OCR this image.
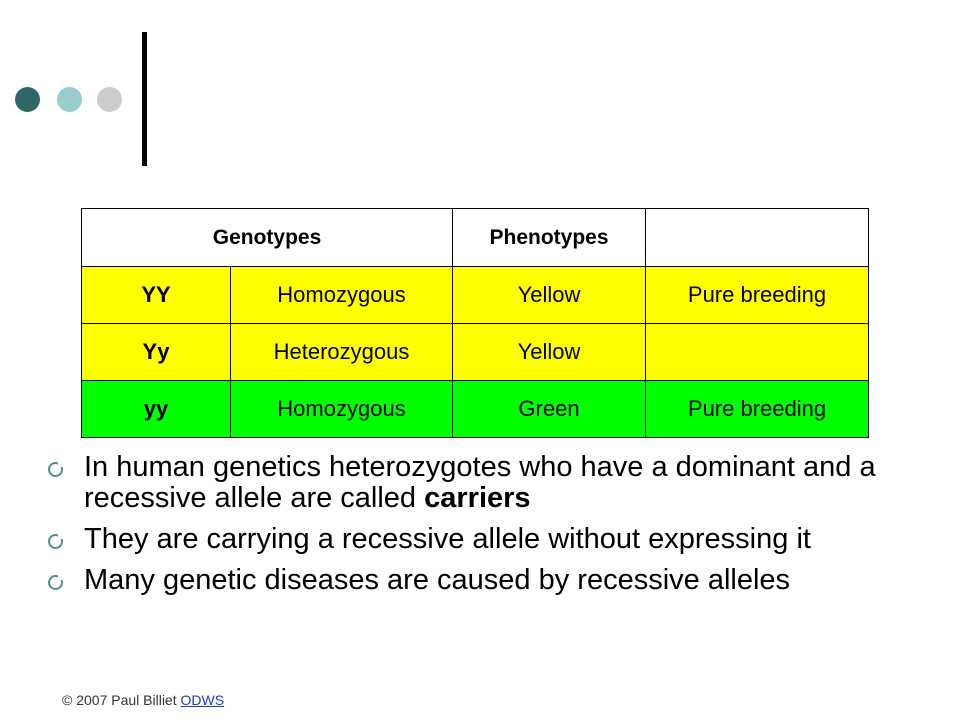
Genotypes		Phenotypes	
YY	Homozygous	Yellow	Pure breeding
Yy	Heterozygous	Yellow	
yy	Homozygous	Green	Pure breeding
In human genetics heterozygotes who have a dominant and a recessive allele are called carriers
They are carrying a recessive allele without expressing it
Many genetic diseases are caused by recessive alleles
© 2007 Paul Billiet ODWS
